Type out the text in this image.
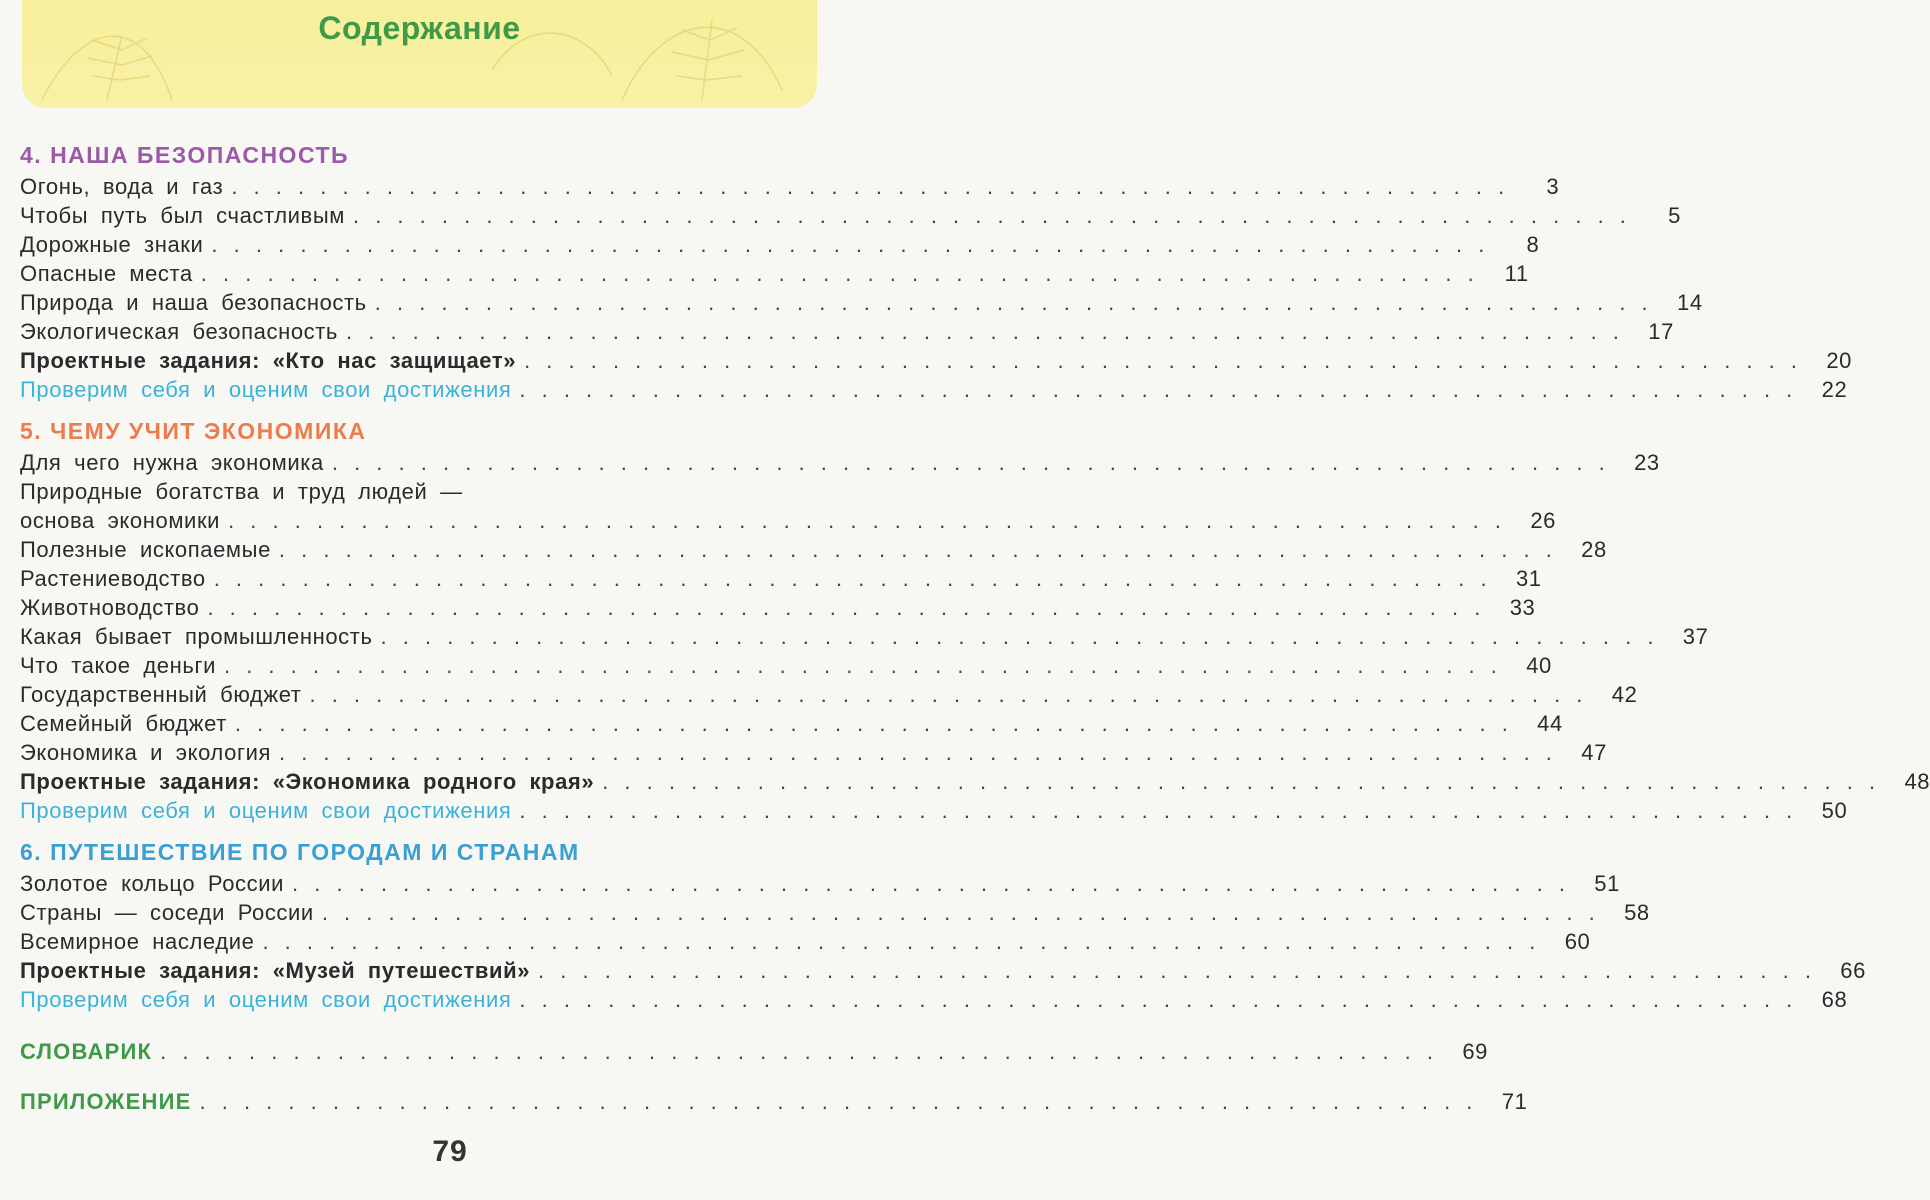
Содержание
4. НАША БЕЗОПАСНОСТЬ
Огонь, вода и газ . . . . . . . . . . . . . . . . . . . . . . . . . . . . . . . . . . . . . . . . . . . . . . . . . . . . . . . . . .	3
Чтобы путь был счастливым . . . . . . . . . . . . . . . . . . . . . . . . . . . . . . . . . . . . . . . . . . . . . . . . . . . . . . . . . .	5
Дорожные знаки . . . . . . . . . . . . . . . . . . . . . . . . . . . . . . . . . . . . . . . . . . . . . . . . . . . . . . . . . .	8
Опасные места . . . . . . . . . . . . . . . . . . . . . . . . . . . . . . . . . . . . . . . . . . . . . . . . . . . . . . . . . .	11
Природа и наша безопасность . . . . . . . . . . . . . . . . . . . . . . . . . . . . . . . . . . . . . . . . . . . . . . . . . . . . . . . . . .	14
Экологическая безопасность . . . . . . . . . . . . . . . . . . . . . . . . . . . . . . . . . . . . . . . . . . . . . . . . . . . . . . . . . .	17
Проектные задания: «Кто нас защищает» . . . . . . . . . . . . . . . . . . . . . . . . . . . . . . . . . . . . . . . . . . . . . . . . . . . . . . . . . .	20
Проверим себя и оценим свои достижения . . . . . . . . . . . . . . . . . . . . . . . . . . . . . . . . . . . . . . . . . . . . . . . . . . . . . . . . . .	22
5. ЧЕМУ УЧИТ ЭКОНОМИКА
Для чего нужна экономика . . . . . . . . . . . . . . . . . . . . . . . . . . . . . . . . . . . . . . . . . . . . . . . . . . . . . . . . . .	23
Природные богатства и труд людей —
основа экономики . . . . . . . . . . . . . . . . . . . . . . . . . . . . . . . . . . . . . . . . . . . . . . . . . . . . . . . . . .	26
Полезные ископаемые . . . . . . . . . . . . . . . . . . . . . . . . . . . . . . . . . . . . . . . . . . . . . . . . . . . . . . . . . .	28
Растениеводство . . . . . . . . . . . . . . . . . . . . . . . . . . . . . . . . . . . . . . . . . . . . . . . . . . . . . . . . . .	31
Животноводство . . . . . . . . . . . . . . . . . . . . . . . . . . . . . . . . . . . . . . . . . . . . . . . . . . . . . . . . . .	33
Какая бывает промышленность . . . . . . . . . . . . . . . . . . . . . . . . . . . . . . . . . . . . . . . . . . . . . . . . . . . . . . . . . .	37
Что такое деньги . . . . . . . . . . . . . . . . . . . . . . . . . . . . . . . . . . . . . . . . . . . . . . . . . . . . . . . . . .	40
Государственный бюджет . . . . . . . . . . . . . . . . . . . . . . . . . . . . . . . . . . . . . . . . . . . . . . . . . . . . . . . . . .	42
Семейный бюджет . . . . . . . . . . . . . . . . . . . . . . . . . . . . . . . . . . . . . . . . . . . . . . . . . . . . . . . . . .	44
Экономика и экология . . . . . . . . . . . . . . . . . . . . . . . . . . . . . . . . . . . . . . . . . . . . . . . . . . . . . . . . . .	47
Проектные задания: «Экономика родного края» . . . . . . . . . . . . . . . . . . . . . . . . . . . . . . . . . . . . . . . . . . . . . . . . . . . . . . . . . .	48
Проверим себя и оценим свои достижения . . . . . . . . . . . . . . . . . . . . . . . . . . . . . . . . . . . . . . . . . . . . . . . . . . . . . . . . . .	50
6. ПУТЕШЕСТВИЕ ПО ГОРОДАМ И СТРАНАМ
Золотое кольцо России . . . . . . . . . . . . . . . . . . . . . . . . . . . . . . . . . . . . . . . . . . . . . . . . . . . . . . . . . .	51
Страны — соседи России . . . . . . . . . . . . . . . . . . . . . . . . . . . . . . . . . . . . . . . . . . . . . . . . . . . . . . . . . .	58
Всемирное наследие . . . . . . . . . . . . . . . . . . . . . . . . . . . . . . . . . . . . . . . . . . . . . . . . . . . . . . . . . .	60
Проектные задания: «Музей путешествий» . . . . . . . . . . . . . . . . . . . . . . . . . . . . . . . . . . . . . . . . . . . . . . . . . . . . . . . . . .	66
Проверим себя и оценим свои достижения . . . . . . . . . . . . . . . . . . . . . . . . . . . . . . . . . . . . . . . . . . . . . . . . . . . . . . . . . .	68
СЛОВАРИК . . . . . . . . . . . . . . . . . . . . . . . . . . . . . . . . . . . . . . . . . . . . . . . . . . . . . . . . . .	69
ПРИЛОЖЕНИЕ . . . . . . . . . . . . . . . . . . . . . . . . . . . . . . . . . . . . . . . . . . . . . . . . . . . . . . . . . .	71
79
